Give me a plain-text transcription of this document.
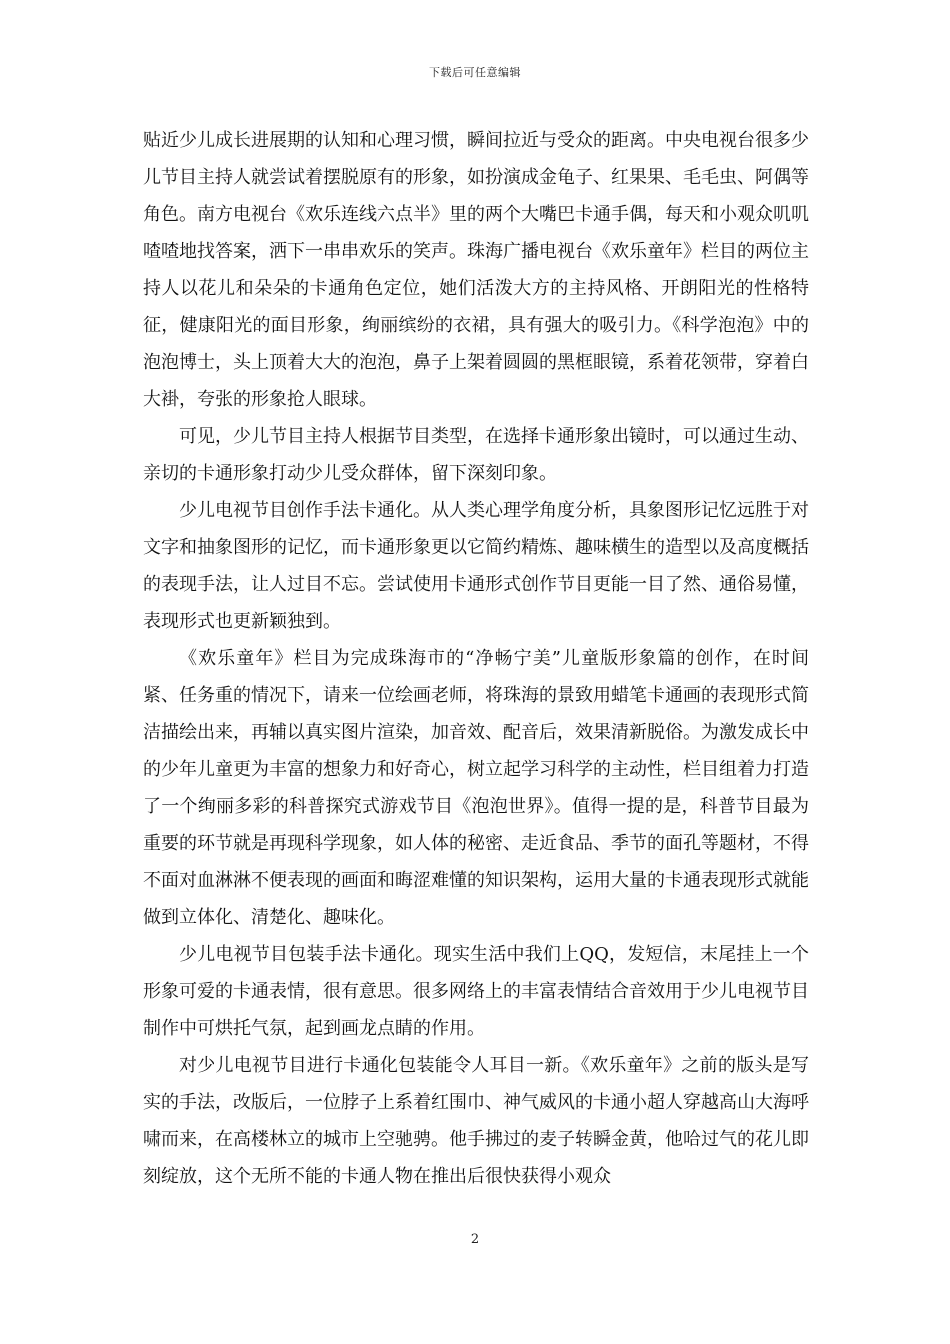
下载后可任意编辑

贴近少儿成长进展期的认知和心理习惯，瞬间拉近与受众的距离。中央电视台很多少儿节目主持人就尝试着摆脱原有的形象，如扮演成金龟子、红果果、毛毛虫、阿偶等角色。南方电视台《欢乐连线六点半》里的两个大嘴巴卡通手偶，每天和小观众叽叽喳喳地找答案，洒下一串串欢乐的笑声。珠海广播电视台《欢乐童年》栏目的两位主持人以花儿和朵朵的卡通角色定位，她们活泼大方的主持风格、开朗阳光的性格特征，健康阳光的面目形象，绚丽缤纷的衣裙，具有强大的吸引力。《科学泡泡》中的泡泡博士，头上顶着大大的泡泡，鼻子上架着圆圆的黑框眼镜，系着花领带，穿着白大褂，夸张的形象抢人眼球。

可见，少儿节目主持人根据节目类型，在选择卡通形象出镜时，可以通过生动、亲切的卡通形象打动少儿受众群体，留下深刻印象。

少儿电视节目创作手法卡通化。从人类心理学角度分析，具象图形记忆远胜于对文字和抽象图形的记忆，而卡通形象更以它简约精炼、趣味横生的造型以及高度概括的表现手法，让人过目不忘。尝试使用卡通形式创作节目更能一目了然、通俗易懂，表现形式也更新颖独到。

《欢乐童年》栏目为完成珠海市的“净畅宁美”儿童版形象篇的创作，在时间紧、任务重的情况下，请来一位绘画老师，将珠海的景致用蜡笔卡通画的表现形式简洁描绘出来，再辅以真实图片渲染，加音效、配音后，效果清新脱俗。为激发成长中的少年儿童更为丰富的想象力和好奇心，树立起学习科学的主动性，栏目组着力打造了一个绚丽多彩的科普探究式游戏节目《泡泡世界》。值得一提的是，科普节目最为重要的环节就是再现科学现象，如人体的秘密、走近食品、季节的面孔等题材，不得不面对血淋淋不便表现的画面和晦涩难懂的知识架构，运用大量的卡通表现形式就能做到立体化、清楚化、趣味化。

少儿电视节目包装手法卡通化。现实生活中我们上QQ，发短信，末尾挂上一个形象可爱的卡通表情，很有意思。很多网络上的丰富表情结合音效用于少儿电视节目制作中可烘托气氛，起到画龙点睛的作用。

对少儿电视节目进行卡通化包装能令人耳目一新。《欢乐童年》之前的版头是写实的手法，改版后，一位脖子上系着红围巾、神气威风的卡通小超人穿越高山大海呼啸而来，在高楼林立的城市上空驰骋。他手拂过的麦子转瞬金黄，他哈过气的花儿即刻绽放，这个无所不能的卡通人物在推出后很快获得小观众

2
